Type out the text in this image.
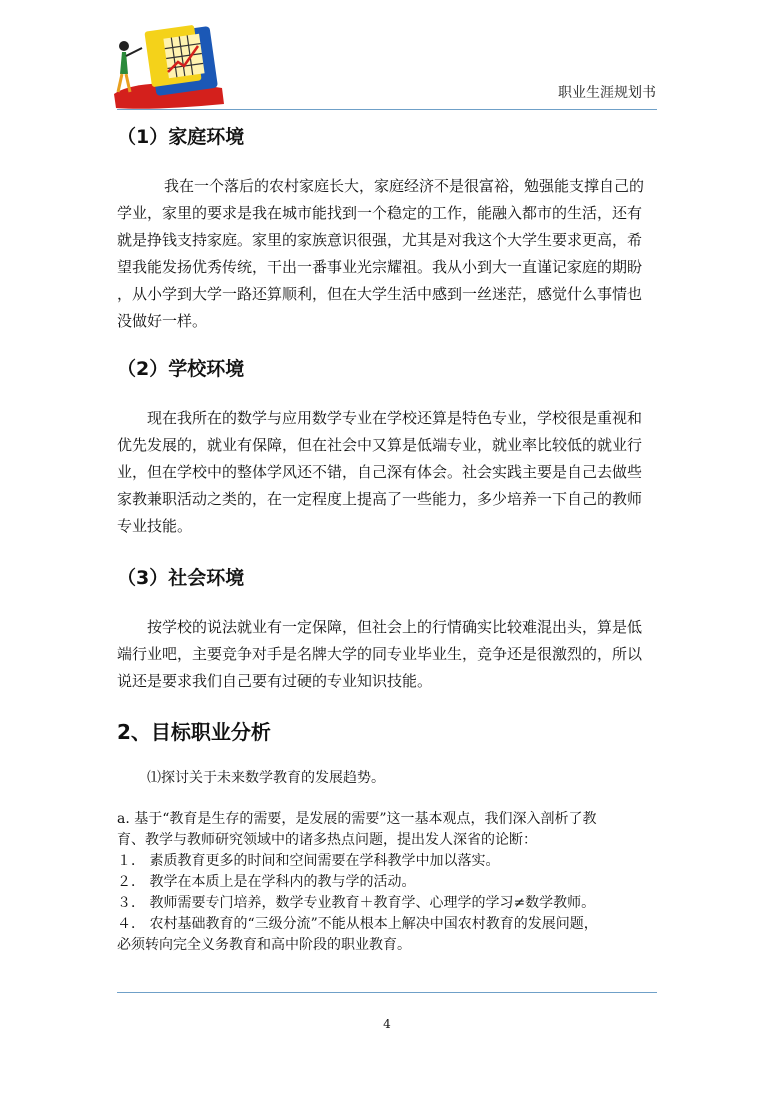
职业生涯规划书
（1）家庭环境
我在一个落后的农村家庭长大，家庭经济不是很富裕，勉强能支撑自己的
学业，家里的要求是我在城市能找到一个稳定的工作，能融入都市的生活，还有
就是挣钱支持家庭。家里的家族意识很强，尤其是对我这个大学生要求更高，希
望我能发扬优秀传统，干出一番事业光宗耀祖。我从小到大一直谨记家庭的期盼
，从小学到大学一路还算顺利，但在大学生活中感到一丝迷茫，感觉什么事情也
没做好一样。
（2）学校环境
现在我所在的数学与应用数学专业在学校还算是特色专业，学校很是重视和
优先发展的，就业有保障，但在社会中又算是低端专业，就业率比较低的就业行
业，但在学校中的整体学风还不错，自己深有体会。社会实践主要是自己去做些
家教兼职活动之类的，在一定程度上提高了一些能力，多少培养一下自己的教师
专业技能。
（3）社会环境
按学校的说法就业有一定保障，但社会上的行情确实比较难混出头，算是低
端行业吧，主要竞争对手是名牌大学的同专业毕业生，竞争还是很激烈的，所以
说还是要求我们自己要有过硬的专业知识技能。
2、目标职业分析
⑴探讨关于未来数学教育的发展趋势。
a. 基于“教育是生存的需要，是发展的需要”这一基本观点，我们深入剖析了教
育、教学与教师研究领域中的诸多热点问题，提出发人深省的论断：
１． 素质教育更多的时间和空间需要在学科教学中加以落实。
２． 教学在本质上是在学科内的教与学的活动。
３． 教师需要专门培养，数学专业教育＋教育学、心理学的学习≠数学教师。
４． 农村基础教育的“三级分流”不能从根本上解决中国农村教育的发展问题，
必须转向完全义务教育和高中阶段的职业教育。
4
